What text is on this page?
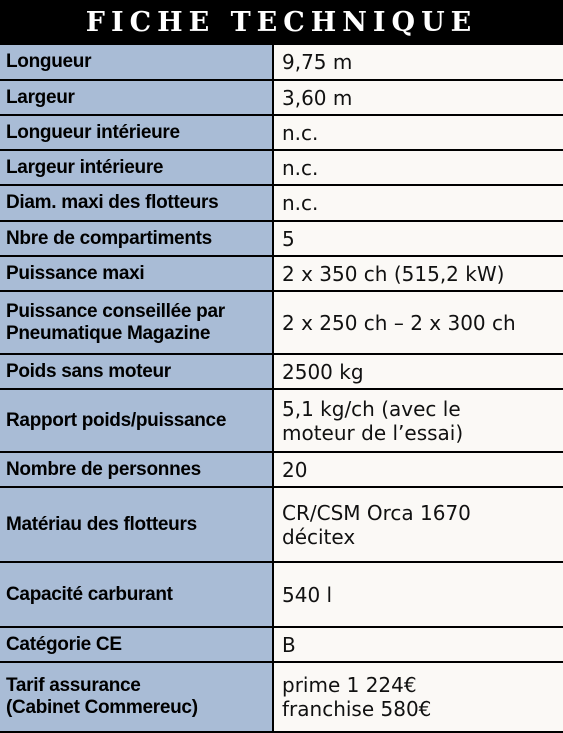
FICHE TECHNIQUE
Longueur	9,75 m
Largeur	3,60 m
Longueur intérieure	n.c.
Largeur intérieure	n.c.
Diam. maxi des flotteurs	n.c.
Nbre de compartiments	5
Puissance maxi	2 x 350 ch (515,2 kW)
Puissance conseillée par
Pneumatique Magazine	2 x 250 ch – 2 x 300 ch
Poids sans moteur	2500 kg
Rapport poids/puissance	5,1 kg/ch (avec le
moteur de l’essai)
Nombre de personnes	20
Matériau des flotteurs	CR/CSM Orca 1670
décitex
Capacité carburant	540 l
Catégorie CE	B
Tarif assurance
(Cabinet Commereuc)	prime 1 224€
franchise 580€
